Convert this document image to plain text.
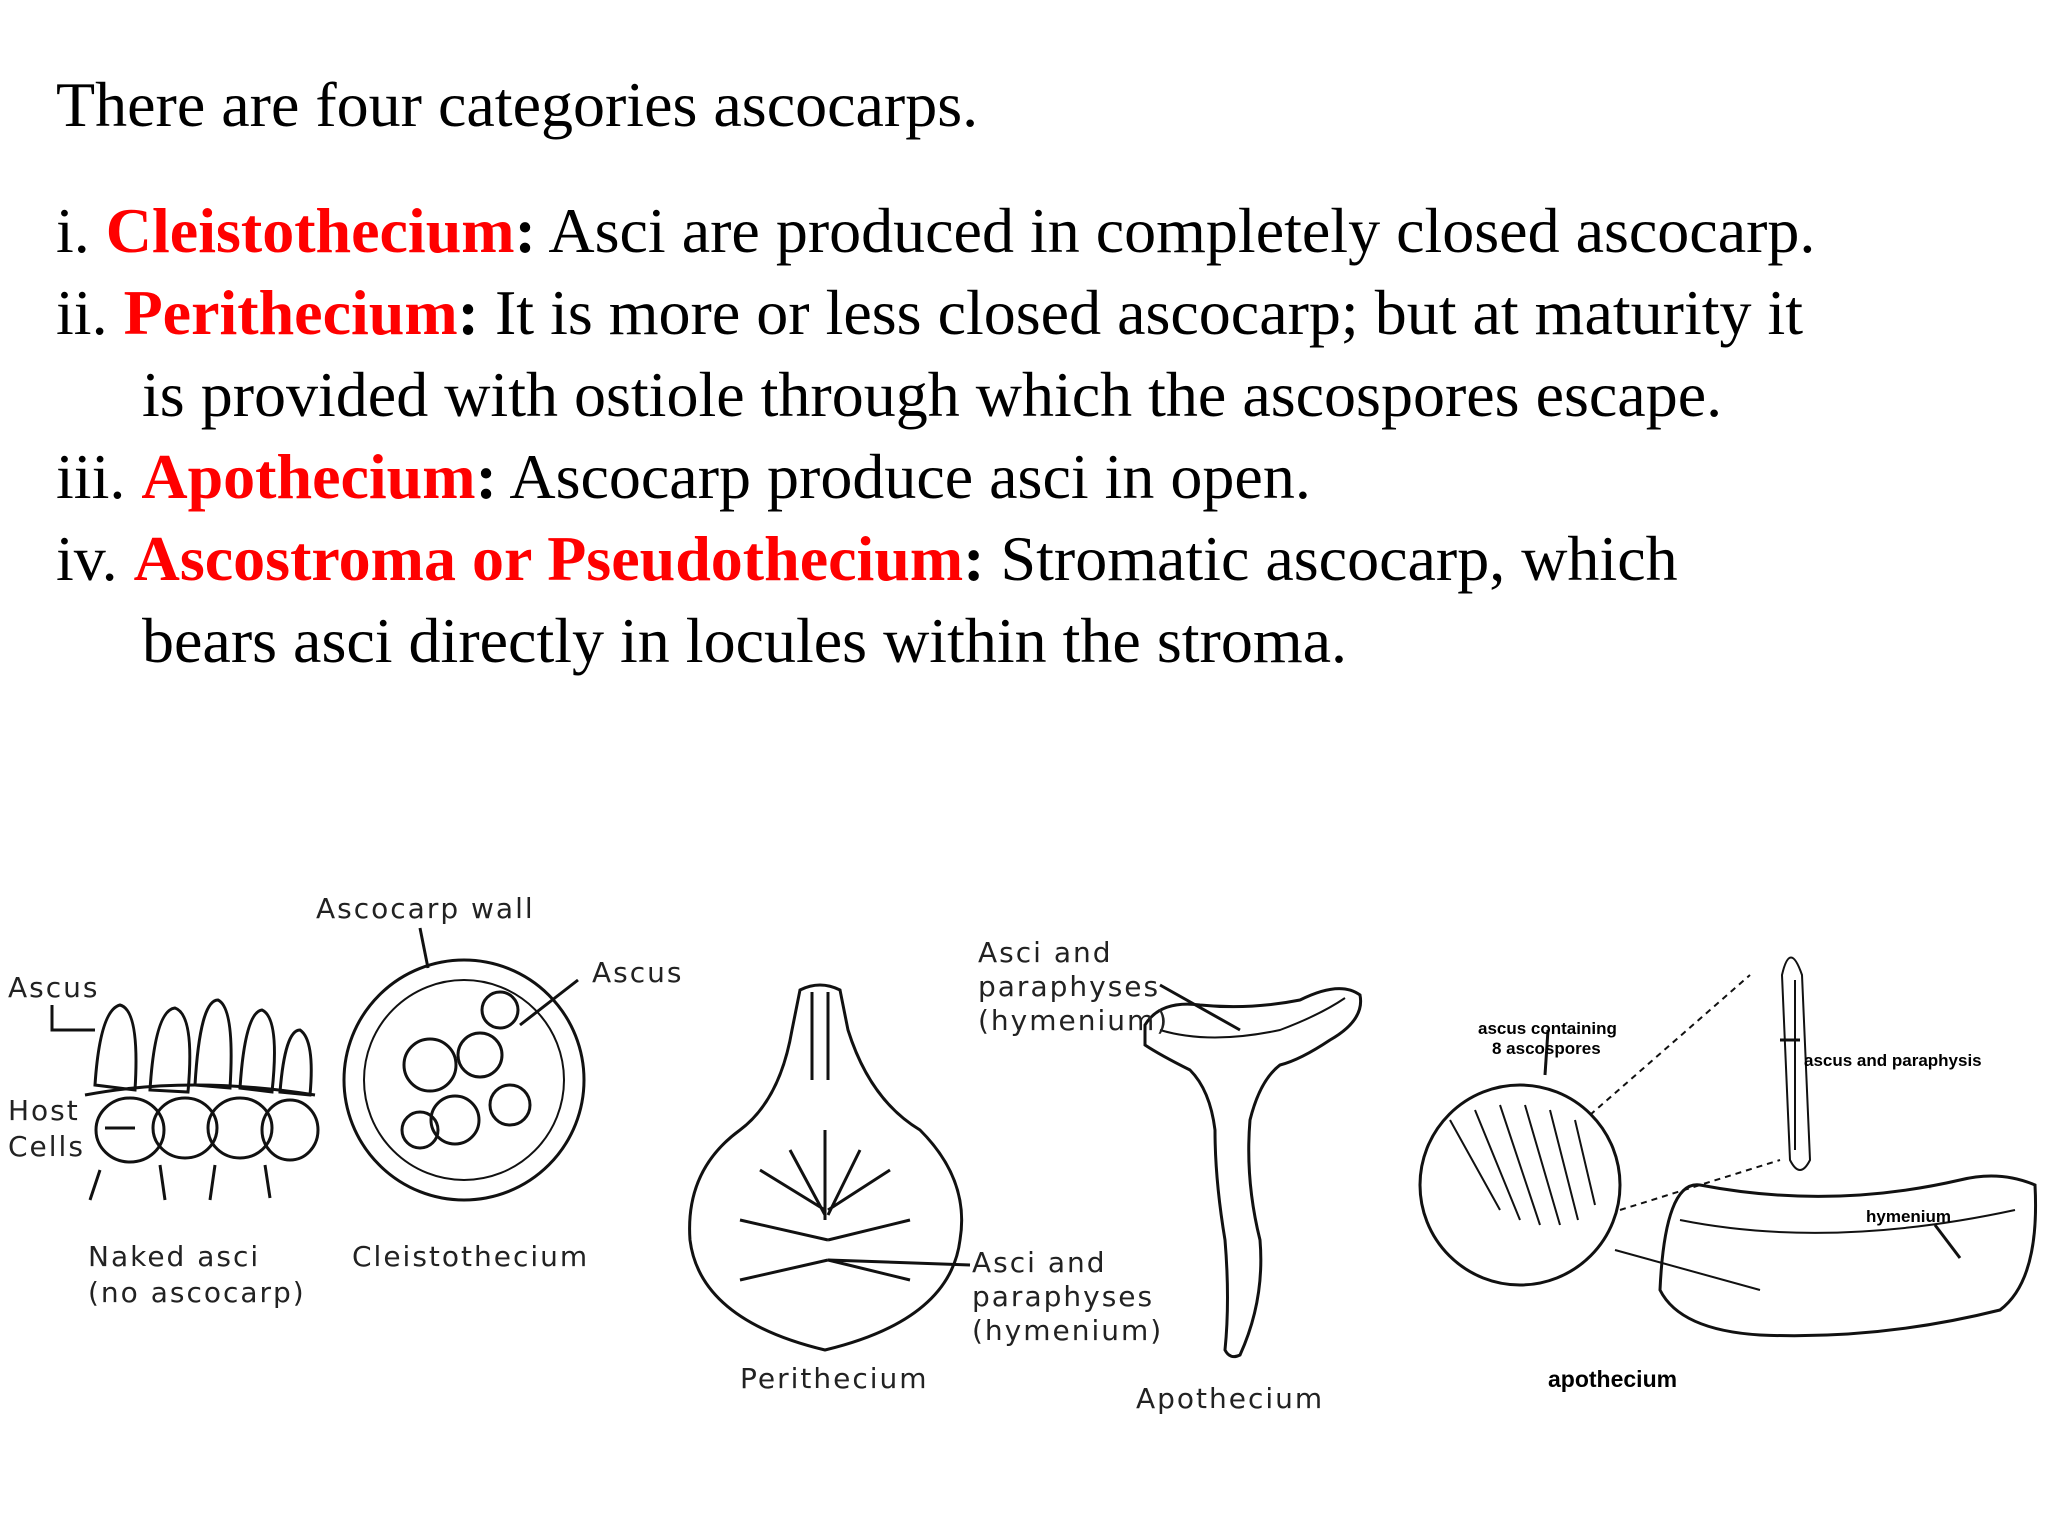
There are four categories ascocarps.
i. Cleistothecium: Asci are produced in completely closed ascocarp.
ii. Perithecium: It is more or less closed ascocarp; but at maturity it
is provided with ostiole through which the ascospores escape.
iii. Apothecium: Ascocarp produce asci in open.
iv. Ascostroma or Pseudothecium: Stromatic ascocarp, which
bears asci directly in locules within the stroma.
Ascus
Host
Cells
Naked asci
(no ascocarp)
Ascocarp wall
Ascus
Cleistothecium	Asci and
paraphyses
(hymenium)
Perithecium
Asci and
paraphyses
(hymenium)
Apothecium
ascus containing
8 ascospores
ascus and paraphysis
hymenium
apothecium
